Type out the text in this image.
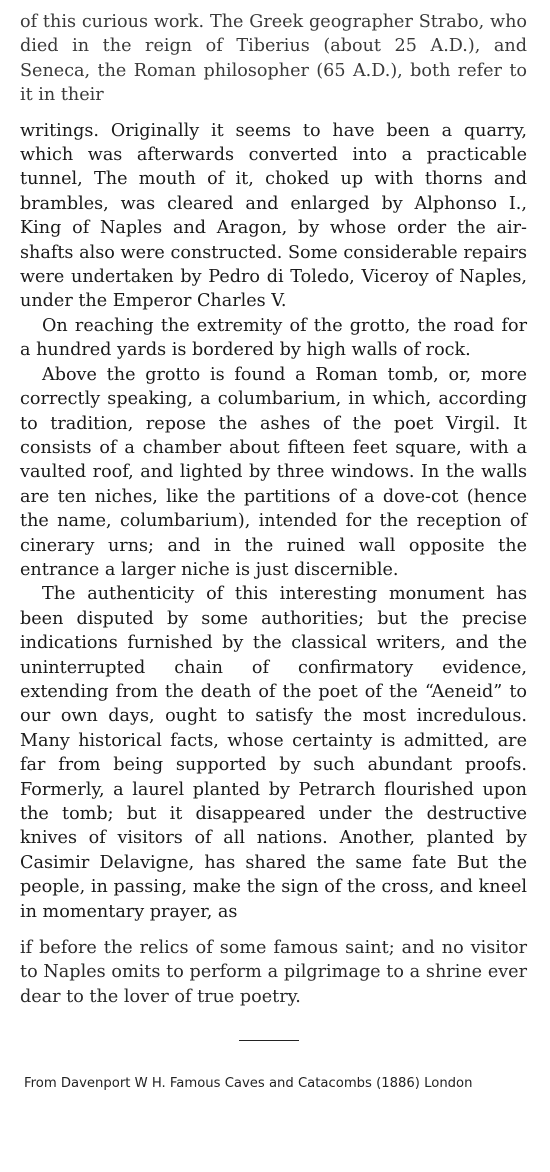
of this curious work. The Greek geographer Strabo, who died in the reign of Tiberius (about 25 A.D.), and Seneca, the Roman philosopher (65 A.D.), both refer to it in their

writings. Originally it seems to have been a quarry, which was afterwards converted into a practicable tunnel, The mouth of it, choked up with thorns and brambles, was cleared and enlarged by Alphonso I., King of Naples and Aragon, by whose order the air-shafts also were constructed. Some considerable repairs were undertaken by Pedro di Toledo, Viceroy of Naples, under the Emperor Charles V.

On reaching the extremity of the grotto, the road for a hundred yards is bordered by high walls of rock.

Above the grotto is found a Roman tomb, or, more correctly speaking, a columbarium, in which, according to tradition, repose the ashes of the poet Virgil. It consists of a chamber about fifteen feet square, with a vaulted roof, and lighted by three windows. In the walls are ten niches, like the partitions of a dove-cot (hence the name, columbarium), intended for the reception of cinerary urns; and in the ruined wall opposite the entrance a larger niche is just discernible.

The authenticity of this interesting monument has been disputed by some authorities; but the precise indications furnished by the classical writers, and the uninterrupted chain of confirmatory evidence, extending from the death of the poet of the “Aeneid” to our own days, ought to satisfy the most incredulous. Many historical facts, whose certainty is admitted, are far from being supported by such abundant proofs. Formerly, a laurel planted by Petrarch flourished upon the tomb; but it disappeared under the destructive knives of visitors of all nations. Another, planted by Casimir Delavigne, has shared the same fate But the people, in passing, make the sign of the cross, and kneel in momentary prayer, as

if before the relics of some famous saint; and no visitor to Naples omits to perform a pilgrimage to a shrine ever dear to the lover of true poetry.

From Davenport W H. Famous Caves and Catacombs (1886) London
